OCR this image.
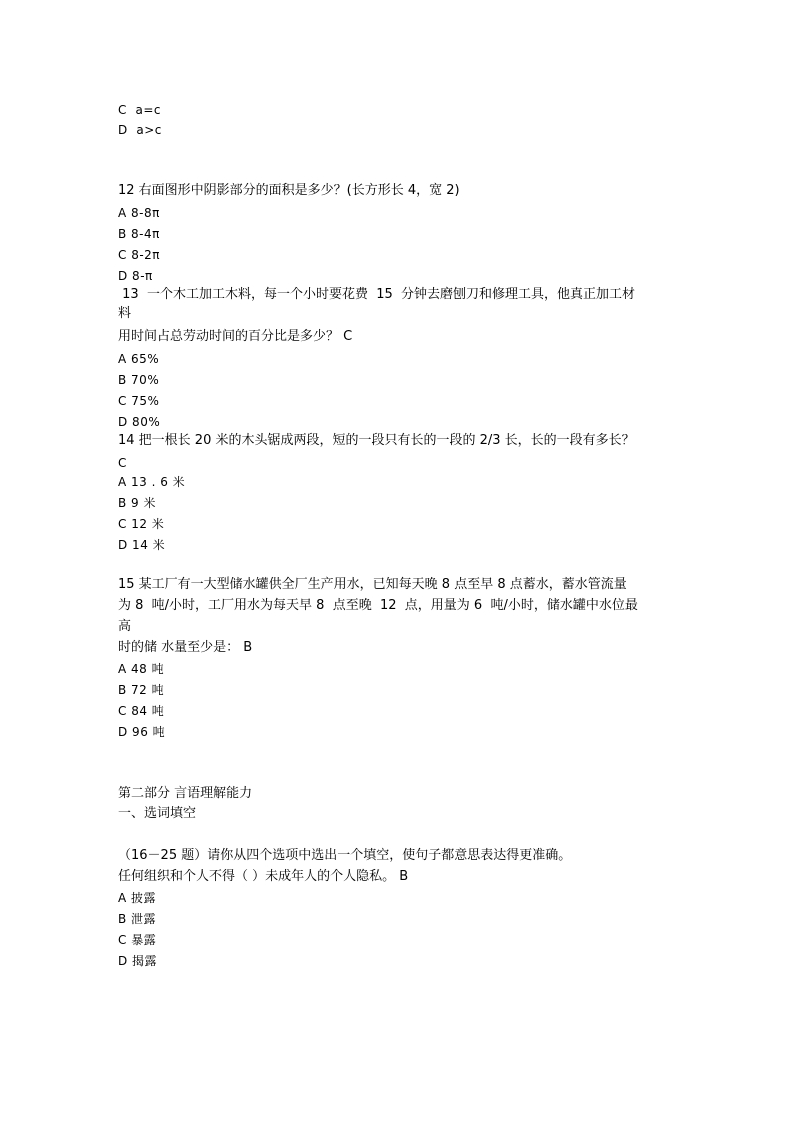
C  a=c
D  a>c
12 右面图形中阴影部分的面积是多少？(长方形长 4，宽 2)
A 8-8π
B 8-4π
C 8-2π
D 8-π
13  一个木工加工木料，每一个小时要花费  15  分钟去磨刨刀和修理工具，他真正加工材
料
用时间占总劳动时间的百分比是多少？ C
A 65%
B 70%
C 75%
D 80%
14 把一根长 20 米的木头锯成两段，短的一段只有长的一段的 2/3 长，长的一段有多长？
C
A 13 . 6 米
B 9 米
C 12 米
D 14 米
15 某工厂有一大型储水罐供全厂生产用水，已知每天晚 8 点至早 8 点蓄水，蓄水管流量
为 8  吨/小时，工厂用水为每天早 8  点至晚  12  点，用量为 6  吨/小时，储水罐中水位最
高
时的储 水量至少是： B
A 48 吨
B 72 吨
C 84 吨
D 96 吨
第二部分 言语理解能力
一、选词填空
（16－25 题）请你从四个选项中选出一个填空，使句子都意思表达得更准确。
任何组织和个人不得（ ）未成年人的个人隐私。 B
A 披露
B 泄露
C 暴露
D 揭露
